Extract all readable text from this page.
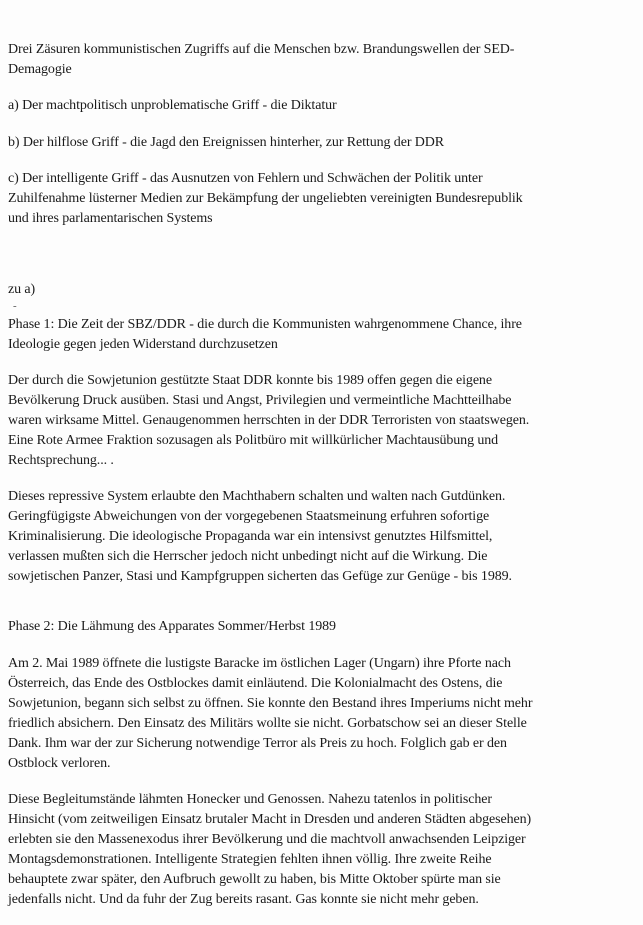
Drei Zäsuren kommunistischen Zugriffs auf die Menschen bzw. Brandungswellen der SED-

Demagogie

a) Der machtpolitisch unproblematische Griff - die Diktatur

b) Der hilflose Griff - die Jagd den Ereignissen hinterher, zur Rettung der DDR

c) Der intelligente Griff - das Ausnutzen von Fehlern und Schwächen der Politik unter

Zuhilfenahme lüsterner Medien zur Bekämpfung der ungeliebten vereinigten Bundesrepublik

und ihres parlamentarischen Systems

zu a)

-

Phase 1: Die Zeit der SBZ/DDR - die durch die Kommunisten wahrgenommene Chance, ihre

Ideologie gegen jeden Widerstand durchzusetzen

Der durch die Sowjetunion gestützte Staat DDR konnte bis 1989 offen gegen die eigene

Bevölkerung Druck ausüben. Stasi und Angst, Privilegien und vermeintliche Machtteilhabe

waren wirksame Mittel. Genaugenommen herrschten in der DDR Terroristen von staatswegen.

Eine Rote Armee Fraktion sozusagen als Politbüro mit willkürlicher Machtausübung und

Rechtsprechung... .

Dieses repressive System erlaubte den Machthabern schalten und walten nach Gutdünken.

Geringfügigste Abweichungen von der vorgegebenen Staatsmeinung erfuhren sofortige

Kriminalisierung. Die ideologische Propaganda war ein intensivst genutztes Hilfsmittel,

verlassen mußten sich die Herrscher jedoch nicht unbedingt nicht auf die Wirkung. Die

sowjetischen Panzer, Stasi und Kampfgruppen sicherten das Gefüge zur Genüge - bis 1989.

Phase 2: Die Lähmung des Apparates Sommer/Herbst 1989

Am 2. Mai 1989 öffnete die lustigste Baracke im östlichen Lager (Ungarn) ihre Pforte nach

Österreich, das Ende des Ostblockes damit einläutend. Die Kolonialmacht des Ostens, die

Sowjetunion, begann sich selbst zu öffnen. Sie konnte den Bestand ihres Imperiums nicht mehr

friedlich absichern. Den Einsatz des Militärs wollte sie nicht. Gorbatschow sei an dieser Stelle

Dank. Ihm war der zur Sicherung notwendige Terror als Preis zu hoch. Folglich gab er den

Ostblock verloren.

Diese Begleitumstände lähmten Honecker und Genossen. Nahezu tatenlos in politischer

Hinsicht (vom zeitweiligen Einsatz brutaler Macht in Dresden und anderen Städten abgesehen)

erlebten sie den Massenexodus ihrer Bevölkerung und die machtvoll anwachsenden Leipziger

Montagsdemonstrationen. Intelligente Strategien fehlten ihnen völlig. Ihre zweite Reihe

behauptete zwar später, den Aufbruch gewollt zu haben, bis Mitte Oktober spürte man sie

jedenfalls nicht. Und da fuhr der Zug bereits rasant. Gas konnte sie nicht mehr geben.
